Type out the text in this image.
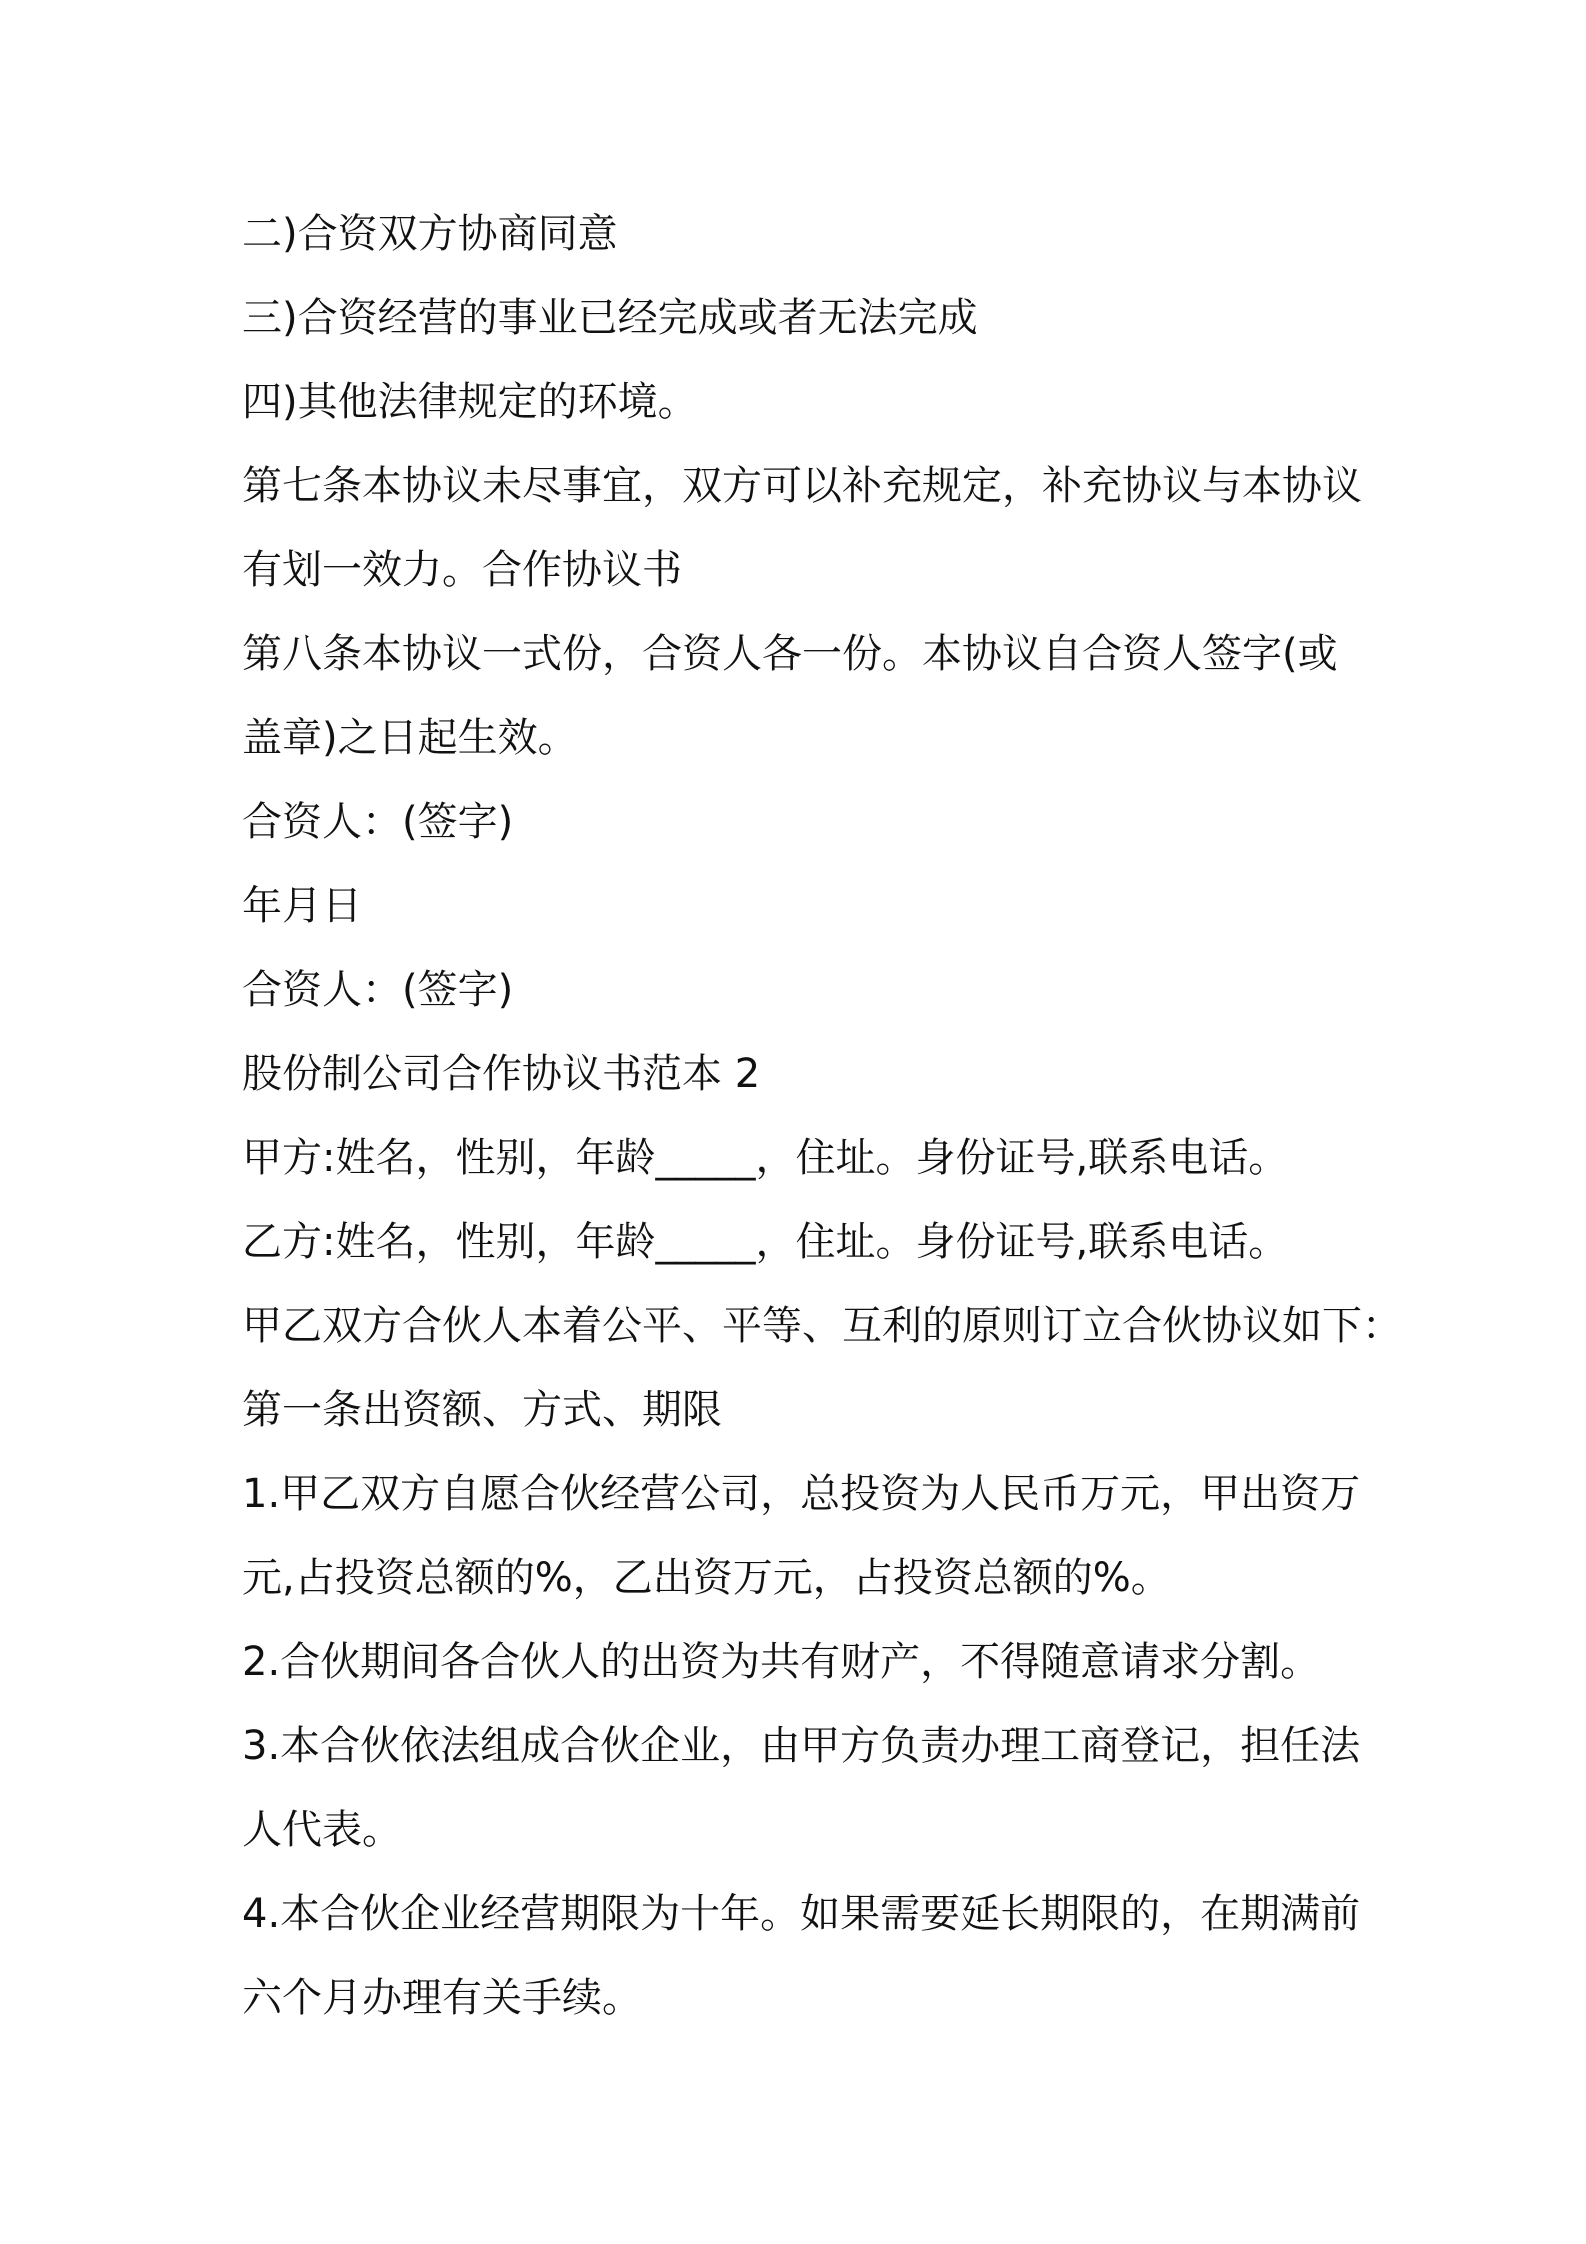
二)合资双方协商同意
三)合资经营的事业已经完成或者无法完成
四)其他法律规定的环境。
第七条本协议未尽事宜，双方可以补充规定，补充协议与本协议
有划一效力。合作协议书
第八条本协议一式份，合资人各一份。本协议自合资人签字(或
盖章)之日起生效。
合资人：(签字)
年月日
合资人：(签字)
股份制公司合作协议书范本 2
甲方:姓名，性别，年龄_____，住址。身份证号,联系电话。
乙方:姓名，性别，年龄_____，住址。身份证号,联系电话。
甲乙双方合伙人本着公平、平等、互利的原则订立合伙协议如下：
第一条出资额、方式、期限
1.甲乙双方自愿合伙经营公司，总投资为人民币万元，甲出资万
元,占投资总额的%，乙出资万元，占投资总额的%。
2.合伙期间各合伙人的出资为共有财产，不得随意请求分割。
3.本合伙依法组成合伙企业，由甲方负责办理工商登记，担任法
人代表。
4.本合伙企业经营期限为十年。如果需要延长期限的，在期满前
六个月办理有关手续。
